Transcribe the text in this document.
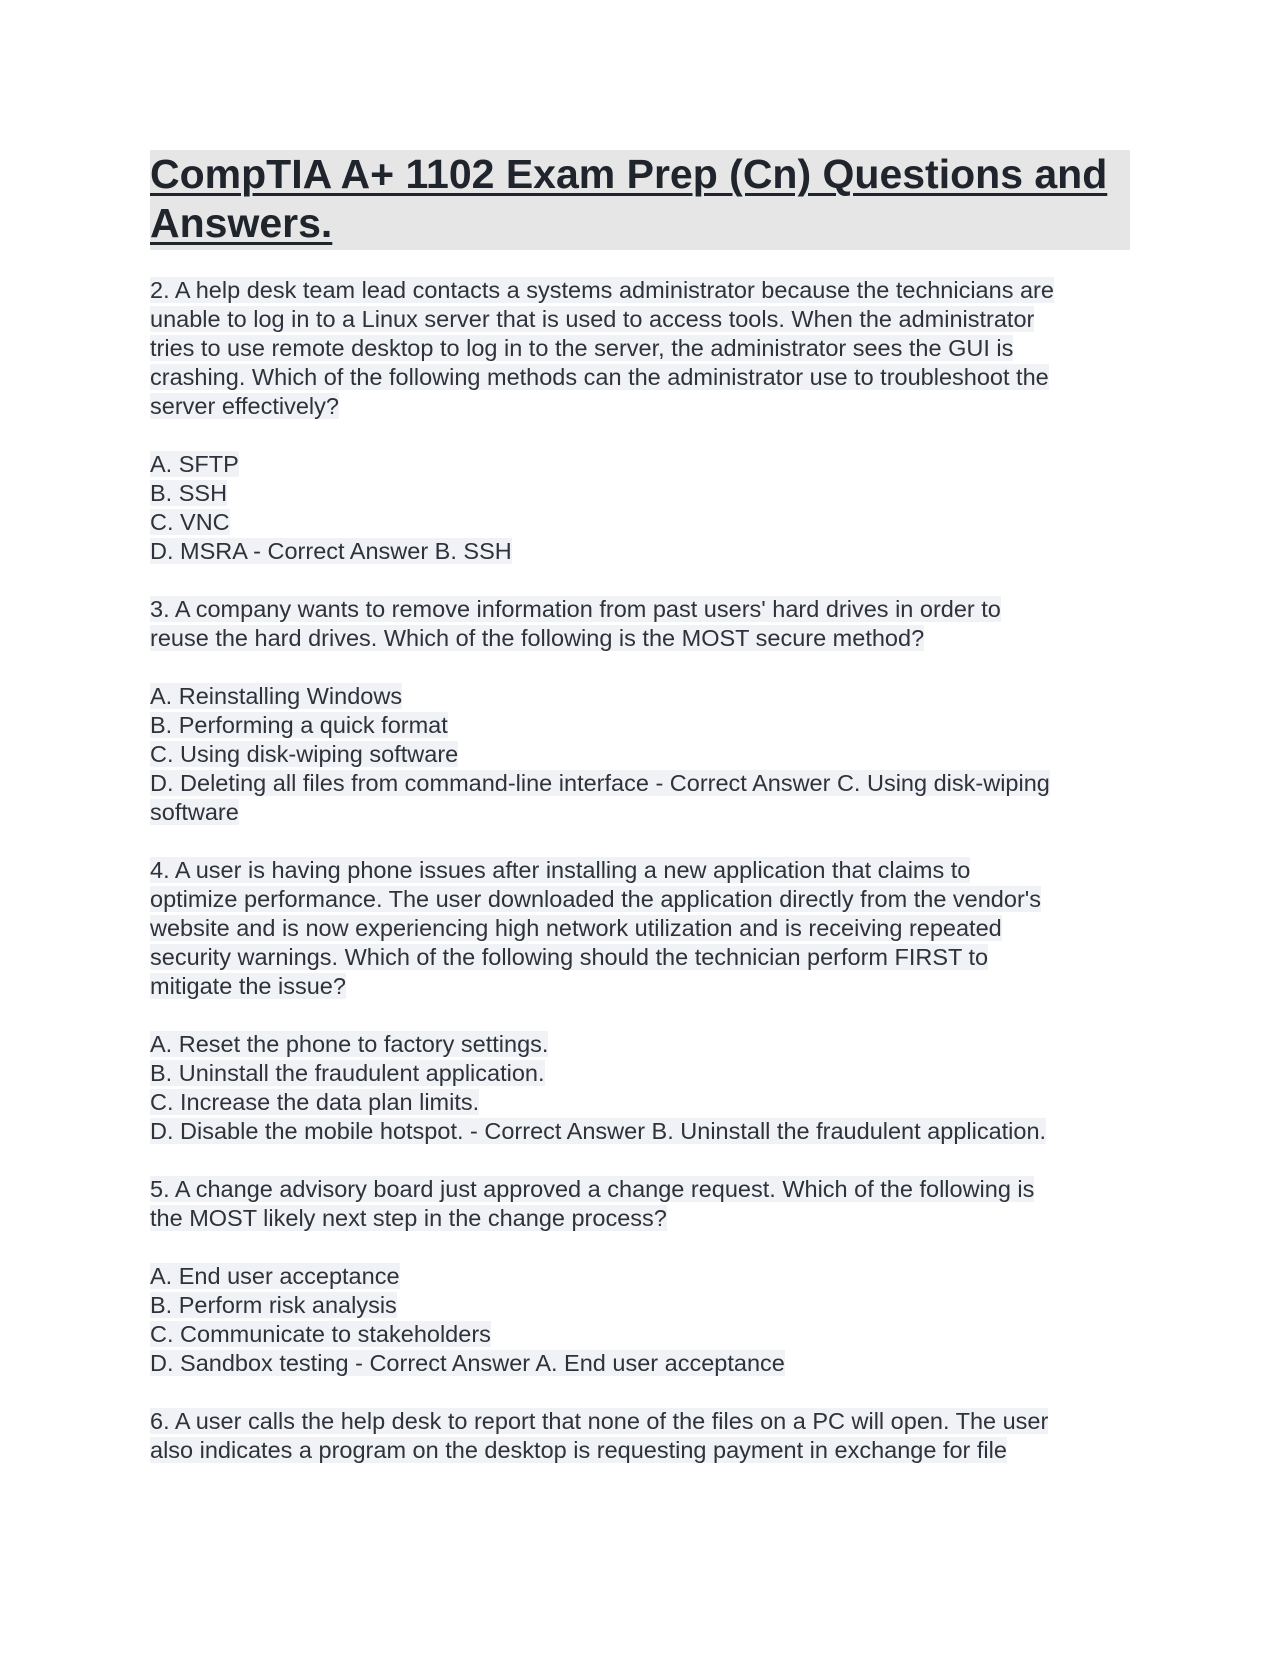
CompTIA A+ 1102 Exam Prep (Cn) Questions and Answers.
2. A help desk team lead contacts a systems administrator because the technicians are
unable to log in to a Linux server that is used to access tools. When the administrator
tries to use remote desktop to log in to the server, the administrator sees the GUI is
crashing. Which of the following methods can the administrator use to troubleshoot the
server effectively?
A. SFTP
B. SSH
C. VNC
D. MSRA - Correct Answer B. SSH
3. A company wants to remove information from past users' hard drives in order to
reuse the hard drives. Which of the following is the MOST secure method?
A. Reinstalling Windows
B. Performing a quick format
C. Using disk-wiping software
D. Deleting all files from command-line interface - Correct Answer C. Using disk-wiping
software
4. A user is having phone issues after installing a new application that claims to
optimize performance. The user downloaded the application directly from the vendor's
website and is now experiencing high network utilization and is receiving repeated
security warnings. Which of the following should the technician perform FIRST to
mitigate the issue?
A. Reset the phone to factory settings.
B. Uninstall the fraudulent application.
C. Increase the data plan limits.
D. Disable the mobile hotspot. - Correct Answer B. Uninstall the fraudulent application.
5. A change advisory board just approved a change request. Which of the following is
the MOST likely next step in the change process?
A. End user acceptance
B. Perform risk analysis
C. Communicate to stakeholders
D. Sandbox testing - Correct Answer A. End user acceptance
6. A user calls the help desk to report that none of the files on a PC will open. The user
also indicates a program on the desktop is requesting payment in exchange for file
